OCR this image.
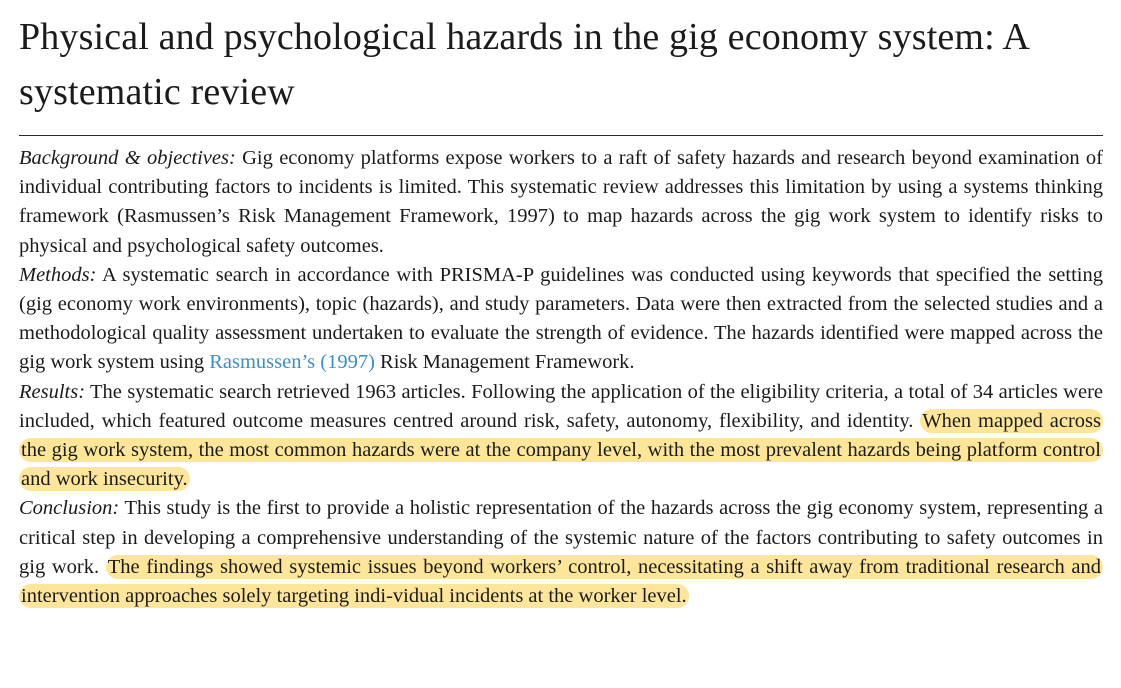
Physical and psychological hazards in the gig economy system: A systematic review

Background & objectives: Gig economy platforms expose workers to a raft of safety hazards and research beyond examination of individual contributing factors to incidents is limited. This systematic review addresses this limitation by using a systems thinking framework (Rasmussen’s Risk Management Framework, 1997) to map hazards across the gig work system to identify risks to physical and psychological safety outcomes.

Methods: A systematic search in accordance with PRISMA-P guidelines was conducted using keywords that specified the setting (gig economy work environments), topic (hazards), and study parameters. Data were then extracted from the selected studies and a methodological quality assessment undertaken to evaluate the strength of evidence. The hazards identified were mapped across the gig work system using Rasmussen’s (1997) Risk Management Framework.

Results: The systematic search retrieved 1963 articles. Following the application of the eligibility criteria, a total of 34 articles were included, which featured outcome measures centred around risk, safety, autonomy, flexibility, and identity. When mapped across the gig work system, the most common hazards were at the company level, with the most prevalent hazards being platform control and work insecurity.

Conclusion: This study is the first to provide a holistic representation of the hazards across the gig economy system, representing a critical step in developing a comprehensive understanding of the systemic nature of the factors contributing to safety outcomes in gig work. The findings showed systemic issues beyond workers’ control, necessitating a shift away from traditional research and intervention approaches solely targeting indi-vidual incidents at the worker level.
